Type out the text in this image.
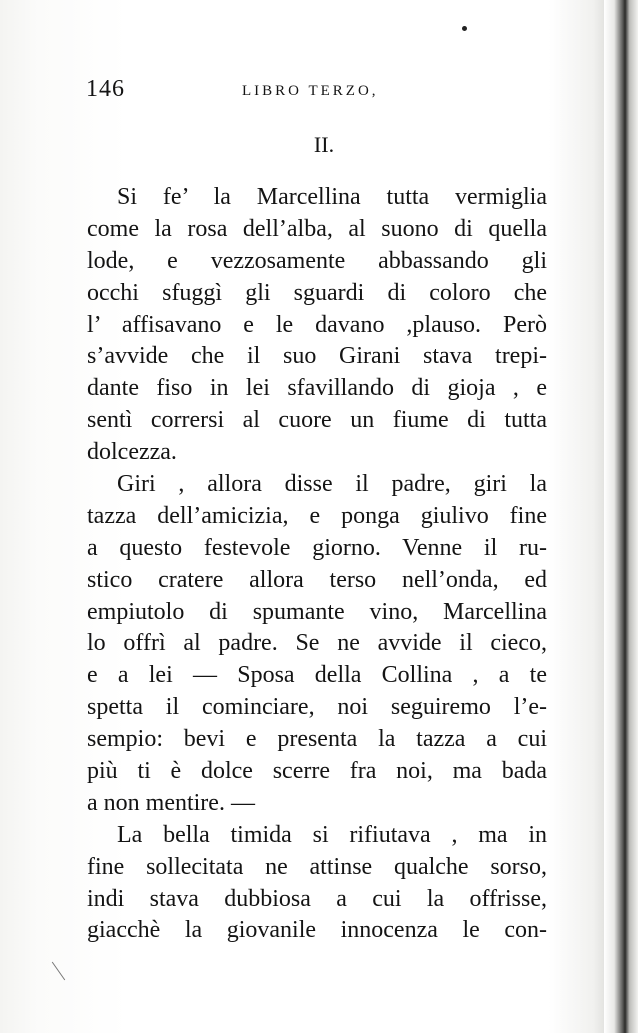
146	LIBRO TERZO,
II.
Si fe’ la Marcellina tutta vermiglia
come la rosa dell’alba, al suono di quella
lode, e vezzosamente abbassando gli
occhi sfuggì gli sguardi di coloro che
l’ affisavano e le davano ,plauso. Però
s’avvide che il suo Girani stava trepi-
dante fiso in lei sfavillando di gioja , e
sentì corrersi al cuore un fiume di tutta
dolcezza.
Giri , allora disse il padre, giri la
tazza dell’amicizia, e ponga giulivo fine
a questo festevole giorno. Venne il ru-
stico cratere allora terso nell’onda, ed
empiutolo di spumante vino, Marcellina
lo offrì al padre. Se ne avvide il cieco,
e a lei — Sposa della Collina , a te
spetta il cominciare, noi seguiremo l’e-
sempio: bevi e presenta la tazza a cui
più ti è dolce scerre fra noi, ma bada
a non mentire. —
La bella timida si rifiutava , ma in
fine sollecitata ne attinse qualche sorso,
indi stava dubbiosa a cui la offrisse,
giacchè la giovanile innocenza le con-
